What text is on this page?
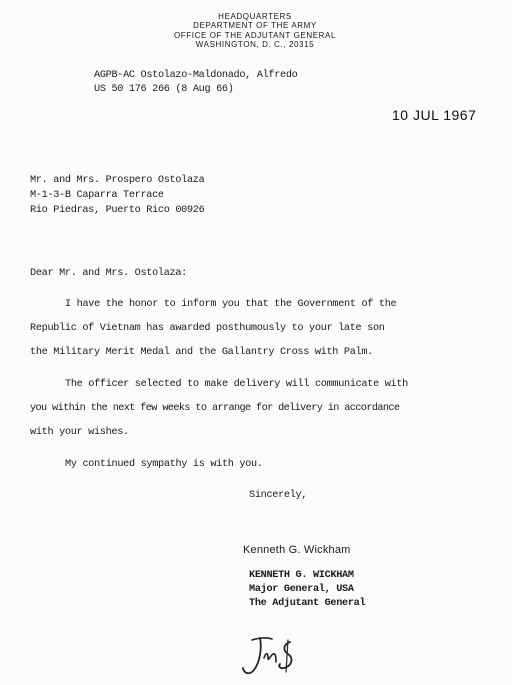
HEADQUARTERS
DEPARTMENT OF THE ARMY
OFFICE OF THE ADJUTANT GENERAL
WASHINGTON, D. C., 20315
AGPB-AC Ostolazo-Maldonado, Alfredo
US 50 176 266 (8 Aug 66)
10 JUL 1967
Mr. and Mrs. Prospero Ostolaza
M-1-3-B Caparra Terrace
Rio Piedras, Puerto Rico 00926
Dear Mr. and Mrs. Ostolaza:
I have the honor to inform you that the Government of the
Republic of Vietnam has awarded posthumously to your late son
the Military Merit Medal and the Gallantry Cross with Palm.
The officer selected to make delivery will communicate with
you within the next few weeks to arrange for delivery in accordance
with your wishes.
My continued sympathy is with you.
Sincerely,
Kenneth G. Wickham
KENNETH G. WICKHAM
Major General, USA
The Adjutant General
